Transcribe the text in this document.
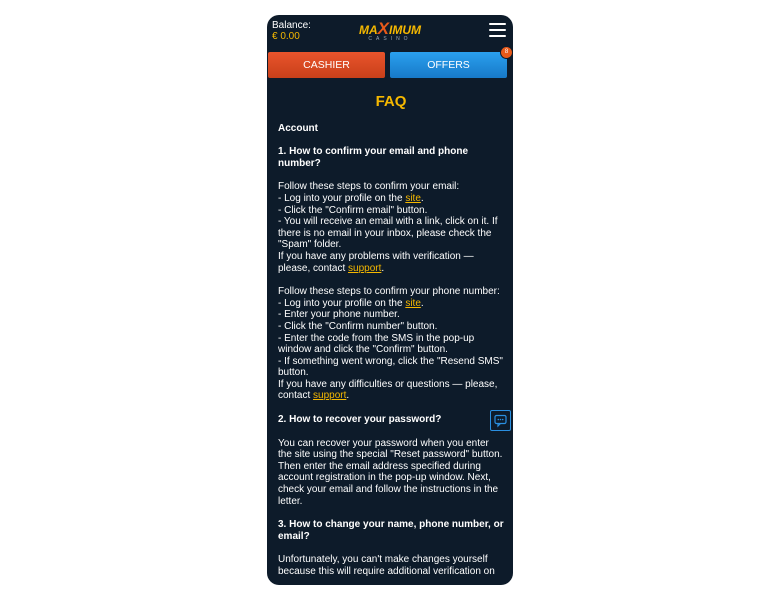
Balance:
€ 0.00	MAXIMUM
CASINO
CASHIER	OFFERS
8
FAQ
Account
1. How to confirm your email and phone number?
Follow these steps to confirm your email:
- Log into your profile on the site.
- Click the "Confirm email" button.
- You will receive an email with a link, click on it. If there is no email in your inbox, please check the "Spam" folder.
If you have any problems with verification — please, contact support.
Follow these steps to confirm your phone number:
- Log into your profile on the site.
- Enter your phone number.
- Click the "Confirm number" button.
- Enter the code from the SMS in the pop-up window and click the "Confirm" button.
- If something went wrong, click the "Resend SMS" button.
If you have any difficulties or questions — please, contact support.
2. How to recover your password?
You can recover your password when you enter the site using the special "Reset password" button. Then enter the email address specified during account registration in the pop-up window. Next, check your email and follow the instructions in the letter.
3. How to change your name, phone number, or email?
Unfortunately, you can't make changes yourself because this will require additional verification on
